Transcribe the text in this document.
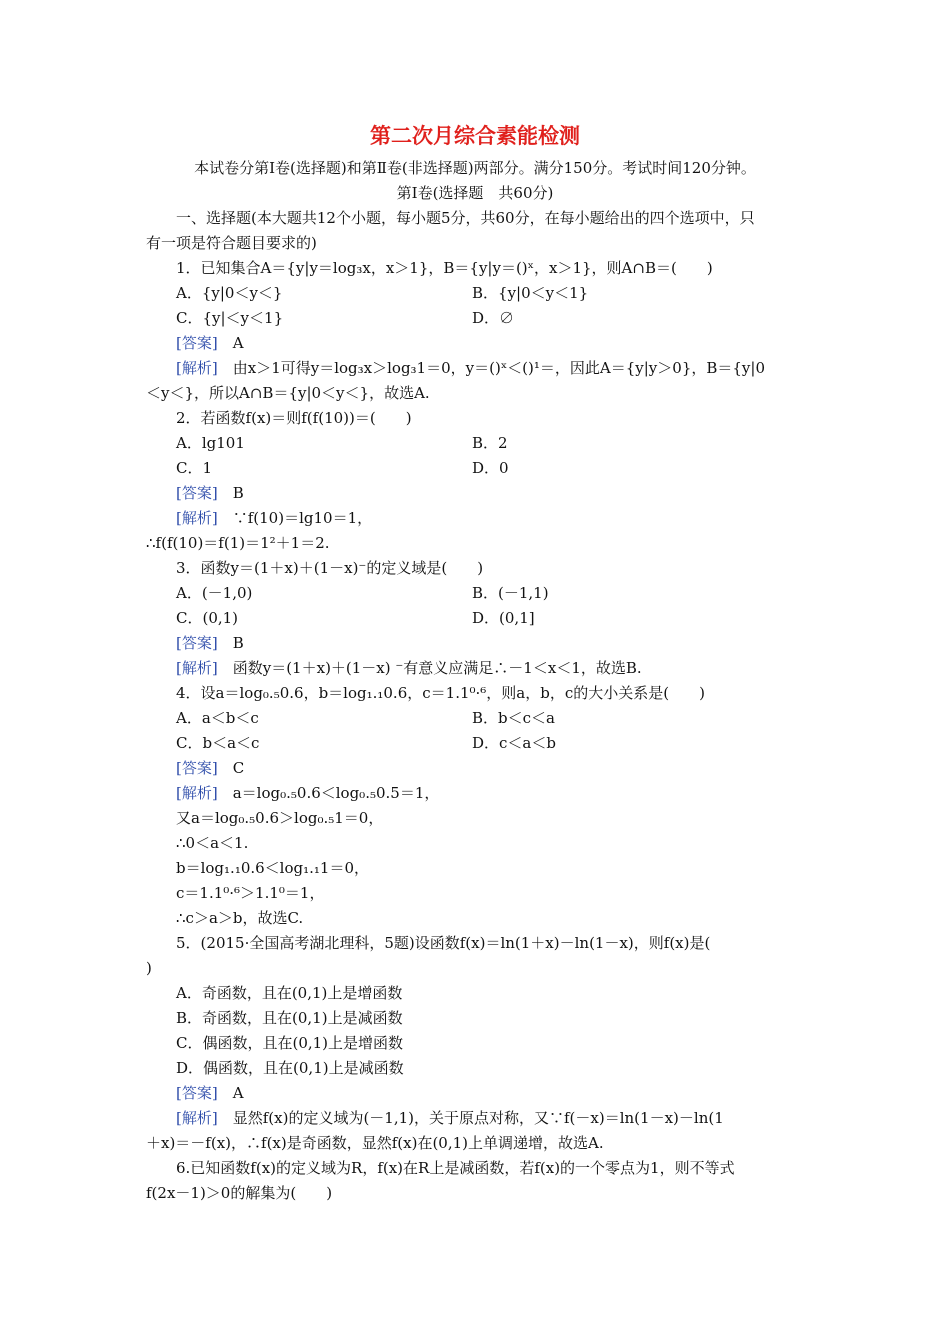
第二次月综合素能检测
本试卷分第Ⅰ卷(选择题)和第Ⅱ卷(非选择题)两部分。满分150分。考试时间120分钟。
第Ⅰ卷(选择题　共60分)
一、选择题(本大题共12个小题，每小题5分，共60分，在每小题给出的四个选项中，只
有一项是符合题目要求的)
1．已知集合A＝{y|y＝log₃x，x＞1}，B＝{y|y＝()ˣ，x＞1}，则A∩B＝(　　)
A．{y|0＜y＜}	B．{y|0＜y＜1}
C．{y|＜y＜1}	D．∅
[答案]　 A
[解析]　 由x＞1可得y＝log₃x＞log₃1＝0，y＝()ˣ＜()¹＝，因此A＝{y|y＞0}，B＝{y|0
＜y＜}，所以A∩B＝{y|0＜y＜}，故选A.
2．若函数f(x)＝则f(f(10))＝(　　)
A．lg101	B．2
C．1	D．0
[答案]　 B
[解析]　 ∵f(10)＝lg10＝1，
∴f(f(10)＝f(1)＝1²＋1＝2.
3．函数y＝(1＋x)＋(1－x)⁻的定义域是(　　)
A．(－1,0)	B．(－1,1)
C．(0,1)	D．(0,1]
[答案]　 B
[解析]　 函数y＝(1＋x)＋(1－x) ⁻有意义应满足∴－1＜x＜1，故选B.
4．设a＝log₀.₅0.6，b＝log₁.₁0.6，c＝1.1⁰·⁶，则a，b，c的大小关系是(　　)
A．a＜b＜c	B．b＜c＜a
C．b＜a＜c	D．c＜a＜b
[答案]　 C
[解析]　 a＝log₀.₅0.6＜log₀.₅0.5＝1，
又a＝log₀.₅0.6＞log₀.₅1＝0，
∴0＜a＜1.
b＝log₁.₁0.6＜log₁.₁1＝0，
c＝1.1⁰·⁶＞1.1⁰＝1，
∴c＞a＞b，故选C.
5．(2015·全国高考湖北理科，5题)设函数f(x)＝ln(1＋x)－ln(1－x)，则f(x)是(
)
A．奇函数，且在(0,1)上是增函数
B．奇函数，且在(0,1)上是减函数
C．偶函数，且在(0,1)上是增函数
D．偶函数，且在(0,1)上是减函数
[答案]　 A
[解析]　 显然f(x)的定义域为(－1,1)，关于原点对称，又∵f(－x)＝ln(1－x)－ln(1
＋x)＝－f(x)，∴f(x)是奇函数，显然f(x)在(0,1)上单调递增，故选A.
6.已知函数f(x)的定义域为R，f(x)在R上是减函数，若f(x)的一个零点为1，则不等式
f(2x－1)＞0的解集为(　　)
